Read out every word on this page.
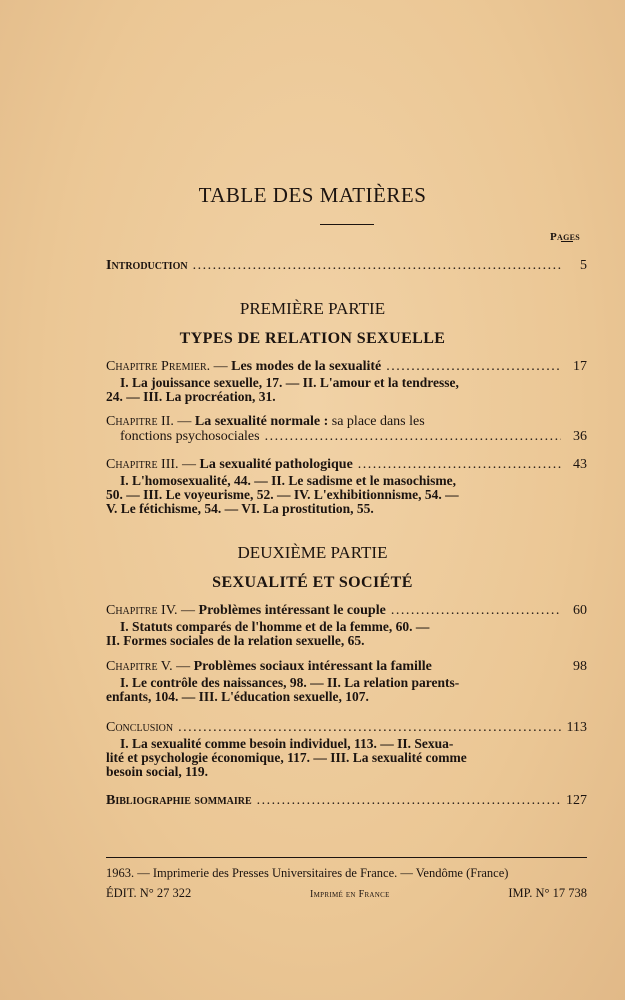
TABLE DES MATIÈRES
Pages
Introduction .....	5
PREMIÈRE PARTIE
TYPES DE RELATION SEXUELLE
Chapitre Premier. — Les modes de la sexualité .....	17
I. La jouissance sexuelle, 17. — II. L'amour et la tendresse,
24. — III. La procréation, 31.
Chapitre II. — La sexualité normale : sa place dans les
fonctions psychosociales .....	36
Chapitre III. — La sexualité pathologique .....	43
I. L'homosexualité, 44. — II. Le sadisme et le masochisme,
50. — III. Le voyeurisme, 52. — IV. L'exhibitionnisme, 54. —
V. Le fétichisme, 54. — VI. La prostitution, 55.
DEUXIÈME PARTIE
SEXUALITÉ ET SOCIÉTÉ
Chapitre IV. — Problèmes intéressant le couple .....	60
I. Statuts comparés de l'homme et de la femme, 60. —
II. Formes sociales de la relation sexuelle, 65.
Chapitre V. — Problèmes sociaux intéressant la famille	98
I. Le contrôle des naissances, 98. — II. La relation parents-
enfants, 104. — III. L'éducation sexuelle, 107.
Conclusion .....	113
I. La sexualité comme besoin individuel, 113. — II. Sexua-
lité et psychologie économique, 117. — III. La sexualité comme
besoin social, 119.
Bibliographie sommaire .....	127
1963. — Imprimerie des Presses Universitaires de France. — Vendôme (France)
ÉDIT. N° 27 322	Imprimé en France	IMP. N° 17 738
